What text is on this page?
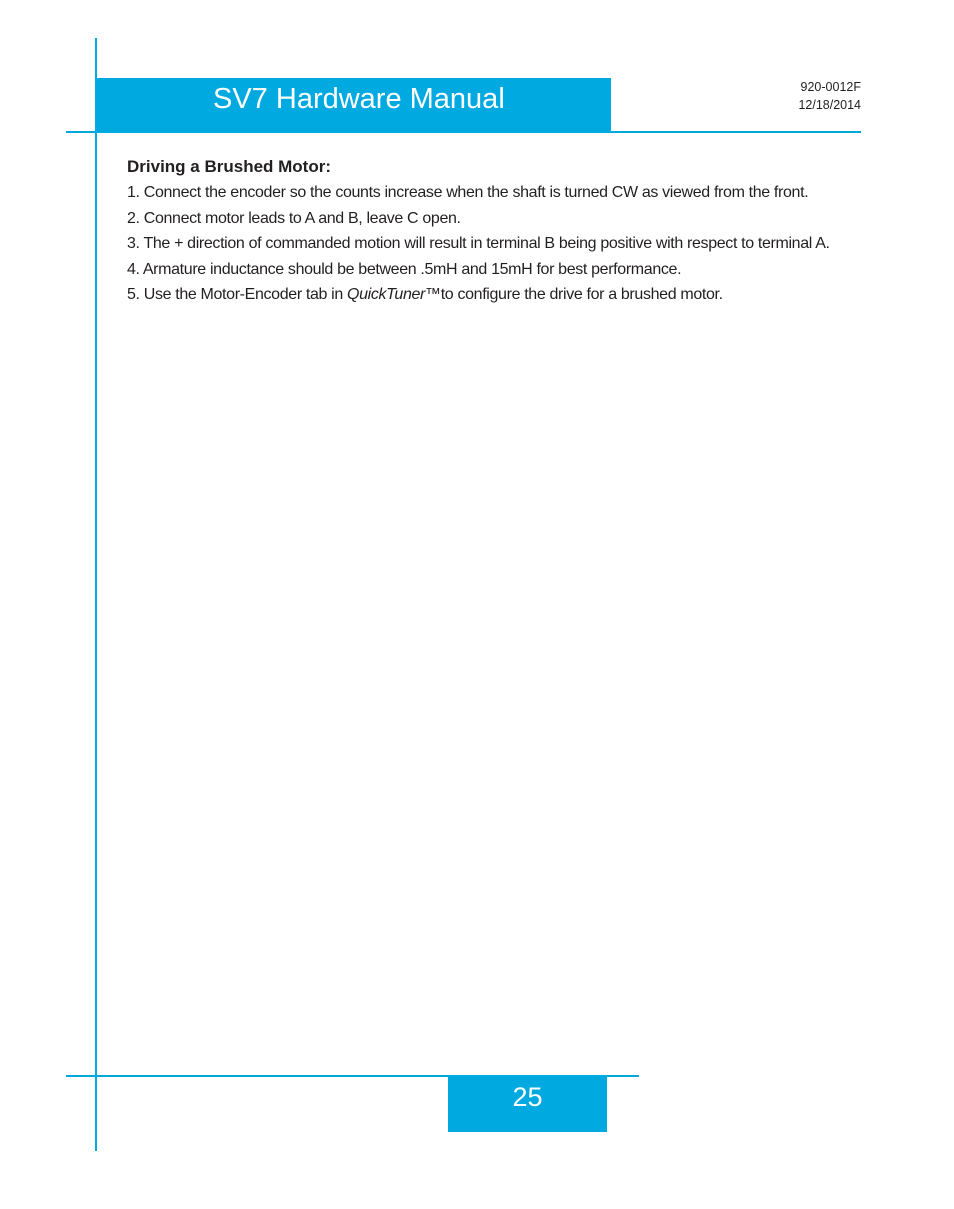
SV7 Hardware Manual	920-0012F
12/18/2014

Driving a Brushed Motor:

1. Connect the encoder so the counts increase when the shaft is turned CW as viewed from the front.

2. Connect motor leads to A and B, leave C open.

3. The + direction of commanded motion will result in terminal B being positive with respect to terminal A.

4. Armature inductance should be between .5mH and 15mH for best performance.

5. Use the Motor-Encoder tab in QuickTuner™to configure the drive for a brushed motor.

25
